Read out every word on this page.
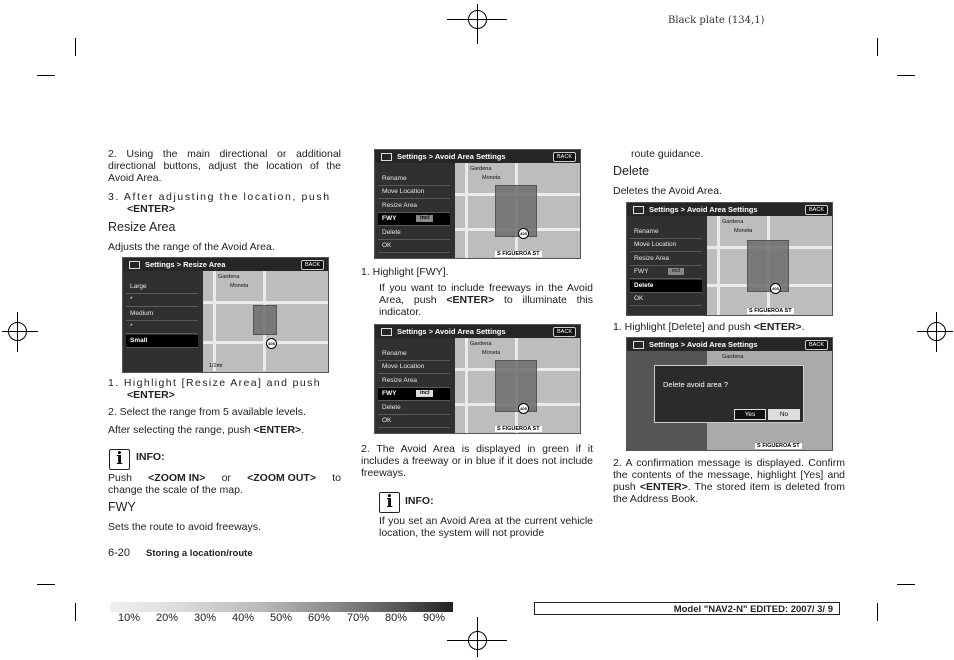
Black plate (134,1)
2. Using the main directional or additional directional buttons, adjust the location of the Avoid Area.
3. After adjusting the location, push
<ENTER>
Resize Area
Adjusts the range of the Avoid Area.
Settings > Resize Area	BACK
405
Gardena
Moneta
Large
*
Medium
*
Small
1/2mi
1. Highlight [Resize Area] and push
<ENTER>
2. Select the range from 5 available levels.
After selecting the range, push <ENTER>.
i	INFO:
Push <ZOOM IN> or <ZOOM OUT> to
change the scale of the map.
FWY
Sets the route to avoid freeways.
6-20 Storing a location/route
Settings > Avoid Area Settings	BACK
405
Gardena
Moneta
S FIGUEROA ST
Rename
Move Location
Resize Area
FWY	incl
Delete
OK
1. Highlight [FWY].
If you want to include freeways in the Avoid Area, push <ENTER> to illuminate this indicator.
Settings > Avoid Area Settings	BACK
405
Gardena
Moneta
S FIGUEROA ST
Rename
Move Location
Resize Area
FWY	incl
Delete
OK
2. The Avoid Area is displayed in green if it includes a freeway or in blue if it does not include freeways.
i	INFO:
If you set an Avoid Area at the current vehicle location, the system will not provide
route guidance.
Delete
Deletes the Avoid Area.
Settings > Avoid Area Settings	BACK
405
Gardena
Moneta
S FIGUEROA ST
Rename
Move Location
Resize Area
FWY	incl
Delete
OK
1. Highlight [Delete] and push <ENTER>.
Settings > Avoid Area Settings	BACK
Gardena
S FIGUEROA ST
Delete avoid area ?
Yes	No
2. A confirmation message is displayed. Confirm the contents of the message, highlight [Yes] and push <ENTER>. The stored item is deleted from the Address Book.
10% 20% 30% 40% 50% 60% 70% 80% 90%
Model "NAV2-N" EDITED: 2007/ 3/ 9
